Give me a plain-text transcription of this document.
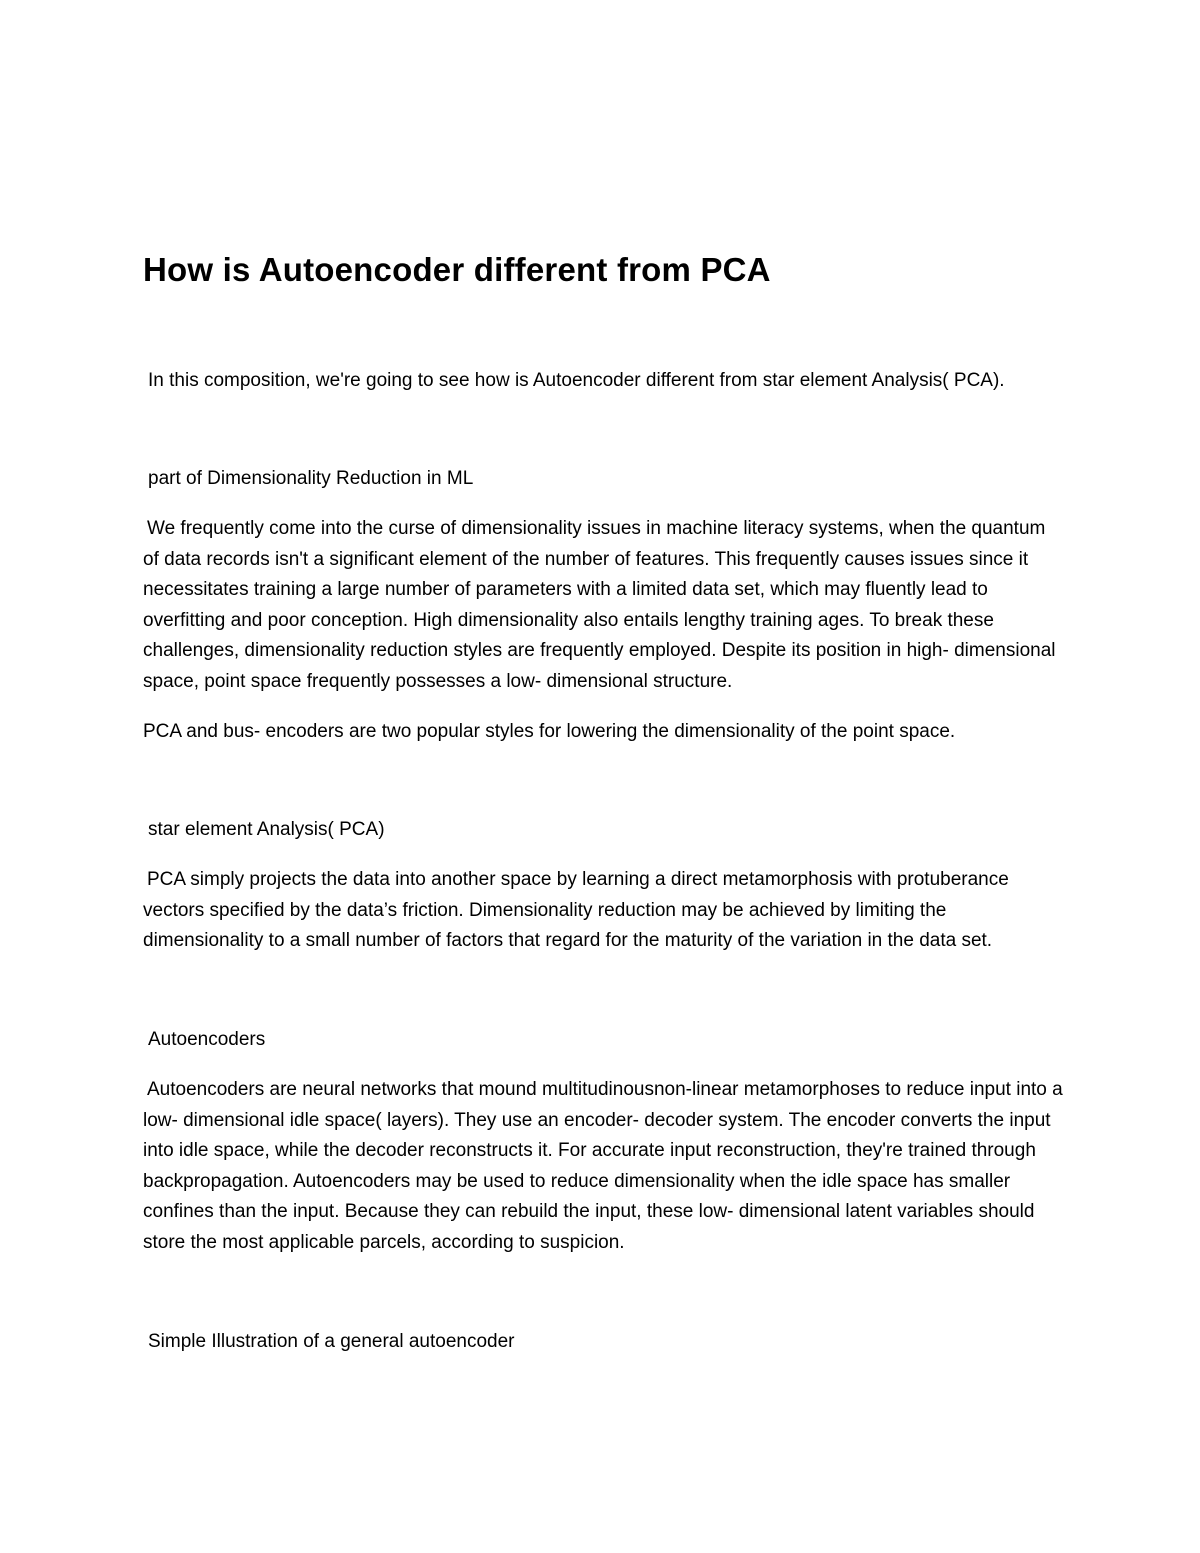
How is Autoencoder different from PCA

In this composition, we're going to see how is Autoencoder different from star element Analysis( PCA).

part of Dimensionality Reduction in ML

We frequently come into the curse of dimensionality issues in machine literacy systems, when the quantum of data records isn't a significant element of the number of features. This frequently causes issues since it necessitates training a large number of parameters with a limited data set, which may fluently lead to overfitting and poor conception. High dimensionality also entails lengthy training ages. To break these challenges, dimensionality reduction styles are frequently employed. Despite its position in high- dimensional space, point space frequently possesses a low- dimensional structure.

PCA and bus- encoders are two popular styles for lowering the dimensionality of the point space.

star element Analysis( PCA)

PCA simply projects the data into another space by learning a direct metamorphosis with protuberance vectors specified by the data’s friction. Dimensionality reduction may be achieved by limiting the dimensionality to a small number of factors that regard for the maturity of the variation in the data set.

Autoencoders

Autoencoders are neural networks that mound multitudinousnon-linear metamorphoses to reduce input into a low- dimensional idle space( layers). They use an encoder- decoder system. The encoder converts the input into idle space, while the decoder reconstructs it. For accurate input reconstruction, they're trained through backpropagation. Autoencoders may be used to reduce dimensionality when the idle space has smaller confines than the input. Because they can rebuild the input, these low- dimensional latent variables should store the most applicable parcels, according to suspicion.

Simple Illustration of a general autoencoder
